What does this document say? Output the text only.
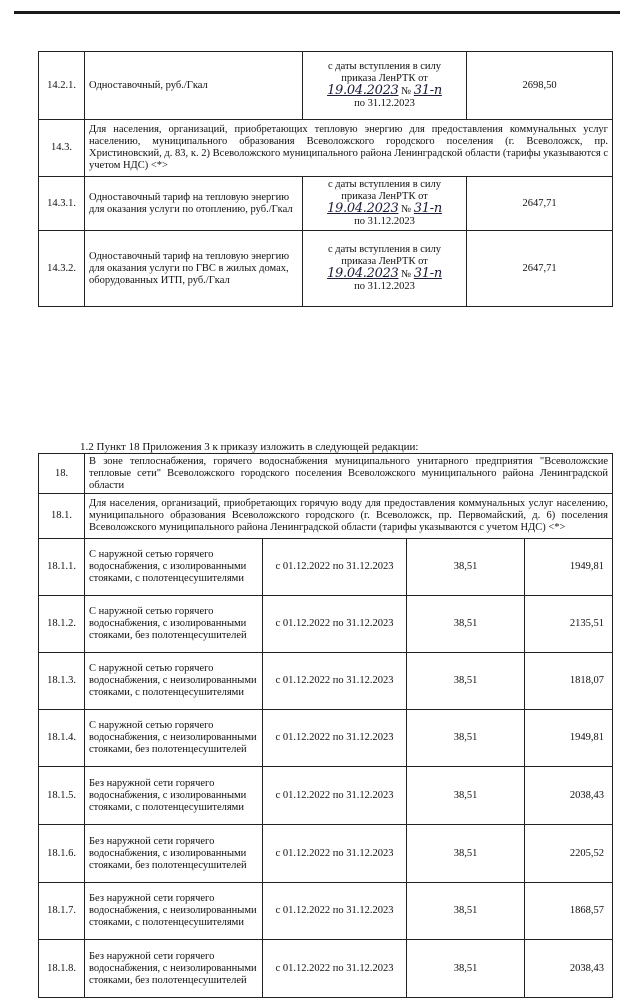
14.2.1.	Одноставочный, руб./Гкал	с даты вступления в силу
приказа ЛенРТК от
19.04.2023 № 31-п
по 31.12.2023	2698,50
14.3.	Для населения, организаций, приобретающих тепловую энергию для предоставления коммунальных услуг населению, муниципального образования Всеволожского городского поселения (г. Всеволожск, пр. Христиновский, д. 83, к. 2) Всеволожского муниципального района Ленинградской области (тарифы указываются с учетом НДС) <*>		
14.3.1.	Одноставочный тариф на тепловую энергию для оказания услуги по отоплению, руб./Гкал	с даты вступления в силу
приказа ЛенРТК от
19.04.2023 № 31-п
по 31.12.2023	2647,71
14.3.2.	Одноставочный тариф на тепловую энергию для оказания услуги по ГВС в жилых домах, оборудованных ИТП, руб./Гкал	с даты вступления в силу
приказа ЛенРТК от
19.04.2023 № 31-п
по 31.12.2023	2647,71
1.2 Пункт 18 Приложения 3 к приказу изложить в следующей редакции:
18.	В зоне теплоснабжения, горячего водоснабжения муниципального унитарного предприятия "Всеволожские тепловые сети" Всеволожского городского поселения Всеволожского муниципального района Ленинградской области			
18.1.	Для населения, организаций, приобретающих горячую воду для предоставления коммунальных услуг населению, муниципального образования Всеволожского городского (г. Всеволожск, пр. Первомайский, д. 6) поселения Всеволожского муниципального района Ленинградской области (тарифы указываются с учетом НДС) <*>			
18.1.1.	С наружной сетью горячего водоснабжения, с изолированными стояками, с полотенцесушителями	с 01.12.2022 по 31.12.2023	38,51	1949,81
18.1.2.	С наружной сетью горячего водоснабжения, с изолированными стояками, без полотенцесушителей	с 01.12.2022 по 31.12.2023	38,51	2135,51
18.1.3.	С наружной сетью горячего водоснабжения, с неизолированными стояками, с полотенцесушителями	с 01.12.2022 по 31.12.2023	38,51	1818,07
18.1.4.	С наружной сетью горячего водоснабжения, с неизолированными стояками, без полотенцесушителей	с 01.12.2022 по 31.12.2023	38,51	1949,81
18.1.5.	Без наружной сети горячего водоснабжения, с изолированными стояками, с полотенцесушителями	с 01.12.2022 по 31.12.2023	38,51	2038,43
18.1.6.	Без наружной сети горячего водоснабжения, с изолированными стояками, без полотенцесушителей	с 01.12.2022 по 31.12.2023	38,51	2205,52
18.1.7.	Без наружной сети горячего водоснабжения, с неизолированными стояками, с полотенцесушителями	с 01.12.2022 по 31.12.2023	38,51	1868,57
18.1.8.	Без наружной сети горячего водоснабжения, с неизолированными стояками, без полотенцесушителей	с 01.12.2022 по 31.12.2023	38,51	2038,43
